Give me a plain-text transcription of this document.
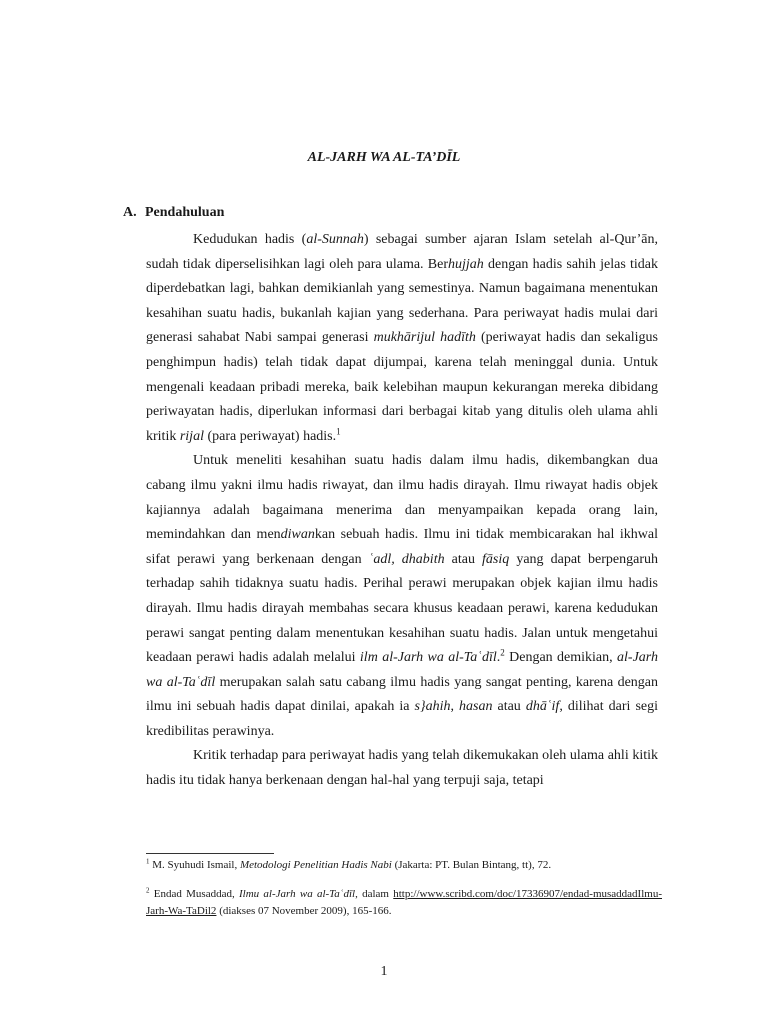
AL-JARH WA AL-TA’DĪL
A. Pendahuluan

Kedudukan hadis (al-Sunnah) sebagai sumber ajaran Islam setelah al-Qur’ān, sudah tidak diperselisihkan lagi oleh para ulama. Berhujjah dengan hadis sahih jelas tidak diperdebatkan lagi, bahkan demikianlah yang semestinya. Namun bagaimana menentukan kesahihan suatu hadis, bukanlah kajian yang sederhana. Para periwayat hadis mulai dari generasi sahabat Nabi sampai generasi mukhārijul hadīth (periwayat hadis dan sekaligus penghimpun hadis) telah tidak dapat dijumpai, karena telah meninggal dunia. Untuk mengenali keadaan pribadi mereka, baik kelebihan maupun kekurangan mereka dibidang periwayatan hadis, diperlukan informasi dari berbagai kitab yang ditulis oleh ulama ahli kritik rijal (para periwayat) hadis.$^1$

Untuk meneliti kesahihan suatu hadis dalam ilmu hadis, dikembangkan dua cabang ilmu yakni ilmu hadis riwayat, dan ilmu hadis dirayah. Ilmu riwayat hadis objek kajiannya adalah bagaimana menerima dan menyampaikan kepada orang lain, memindahkan dan mendiwankan sebuah hadis. Ilmu ini tidak membicarakan hal ikhwal sifat perawi yang berkenaan dengan ʿadl, dhabith atau fāsiq yang dapat berpengaruh terhadap sahih tidaknya suatu hadis. Perihal perawi merupakan objek kajian ilmu hadis dirayah. Ilmu hadis dirayah membahas secara khusus keadaan perawi, karena kedudukan perawi sangat penting dalam menentukan kesahihan suatu hadis. Jalan untuk mengetahui keadaan perawi hadis adalah melalui ilm al-Jarh wa al-Taʿdīl.$^2$ Dengan demikian, al-Jarh wa al-Taʿdīl merupakan salah satu cabang ilmu hadis yang sangat penting, karena dengan ilmu ini sebuah hadis dapat dinilai, apakah ia s}ahih, hasan atau dhāʿif, dilihat dari segi kredibilitas perawinya.

Kritik terhadap para periwayat hadis yang telah dikemukakan oleh ulama ahli kitik hadis itu tidak hanya berkenaan dengan hal-hal yang terpuji saja, tetapi

$^1$ M. Syuhudi Ismail, Metodologi Penelitian Hadis Nabi (Jakarta: PT. Bulan Bintang, tt), 72.
$^2$ Endad Musaddad, Ilmu al-Jarh wa al-Taʿdīl, dalam http://www.scribd.com/doc/17336907/endad-musaddadIlmu-Jarh-Wa-TaDil2 (diakses 07 November 2009), 165-166.
1
